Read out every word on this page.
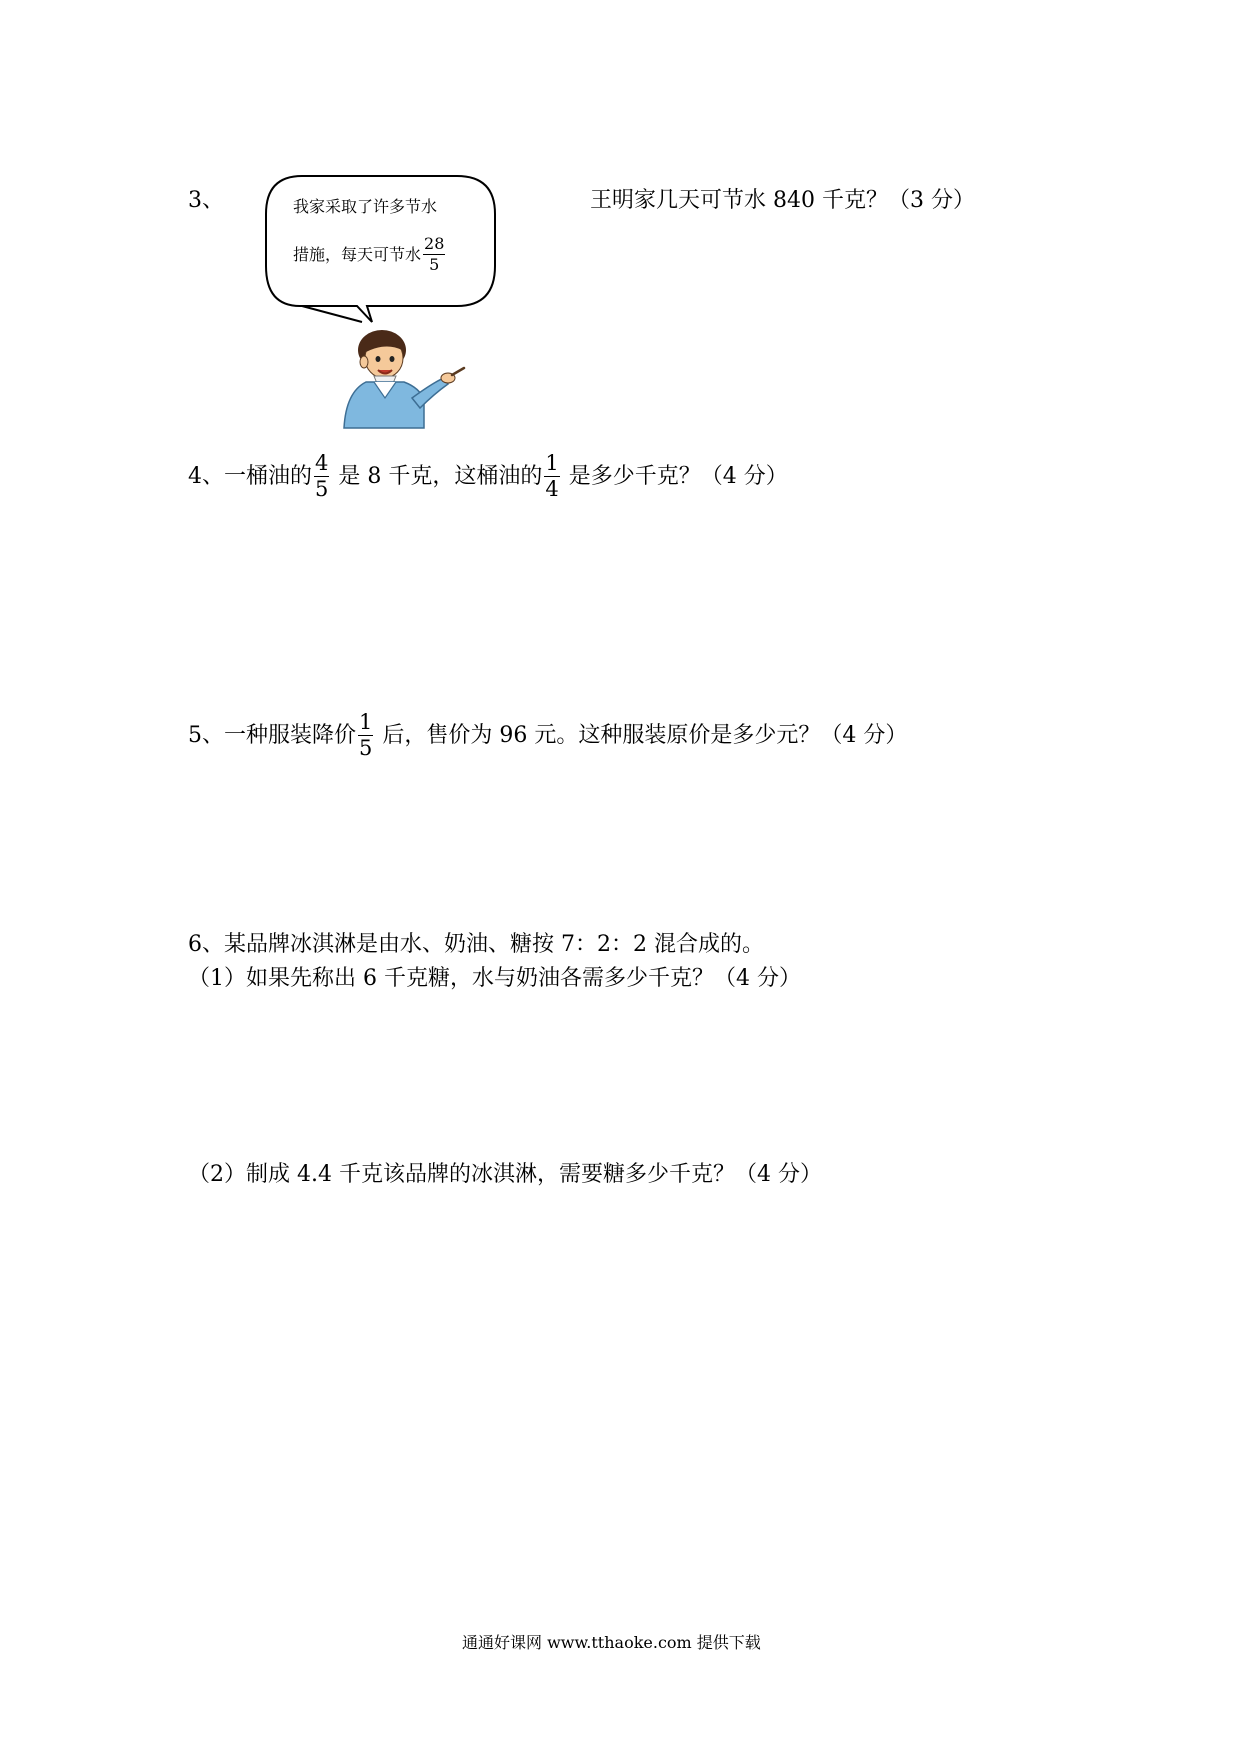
3、	我家采取了许多节水
措施，每天可节水 $\frac{28}{5}$
王明家几天可节水 840 千克？（3 分）
4、一桶油的 $\frac{4}{5}$ 是 8 千克，这桶油的 $\frac{1}{4}$ 是多少千克？（4 分）
5、一种服装降价 $\frac{1}{5}$ 后，售价为 96 元。这种服装原价是多少元？（4 分）
6、某品牌冰淇淋是由水、奶油、糖按 7：2：2 混合成的。
（1）如果先称出 6 千克糖，水与奶油各需多少千克？（4 分）
（2）制成 4.4 千克该品牌的冰淇淋，需要糖多少千克？（4 分）
通通好课网 www.tthaoke.com 提供下载
